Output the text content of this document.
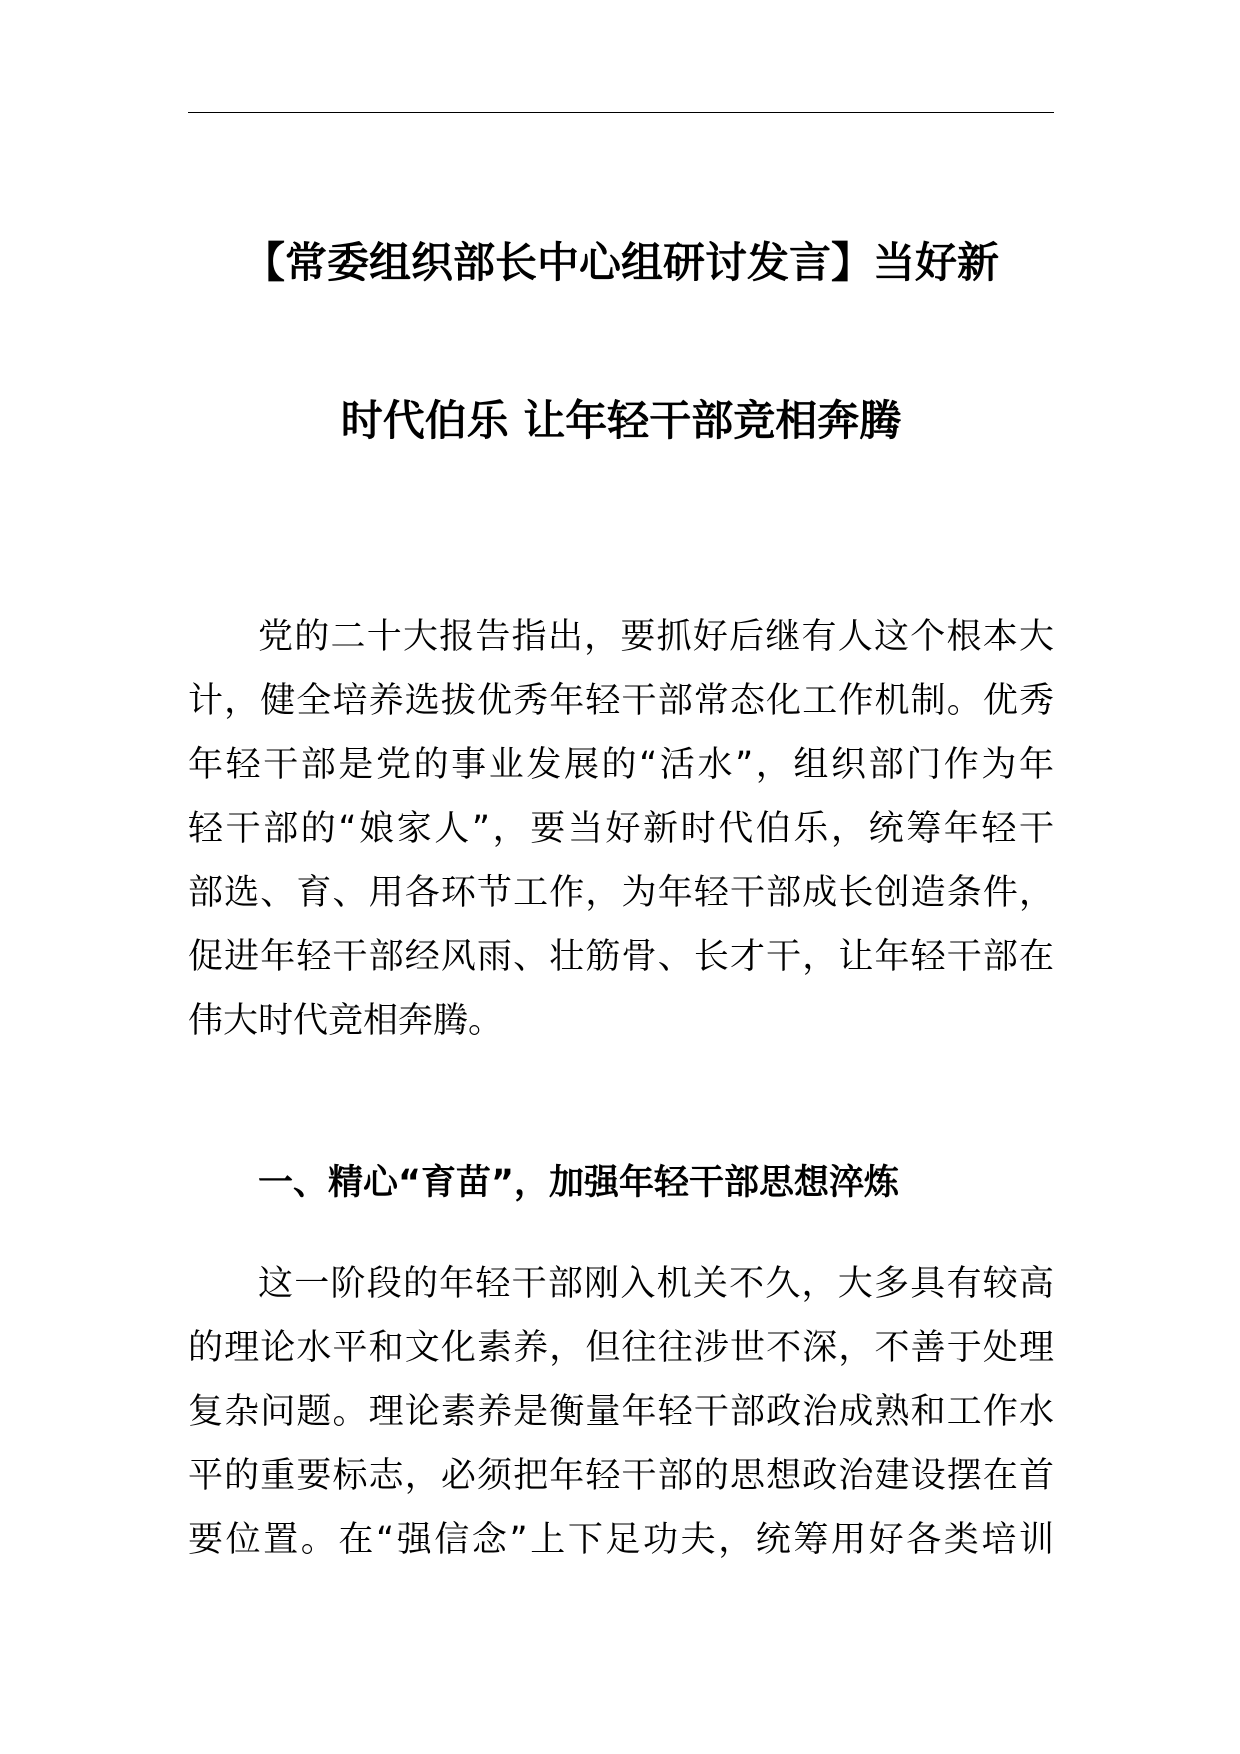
【常委组织部长中心组研讨发言】当好新
时代伯乐 让年轻干部竞相奔腾

党的二十大报告指出，要抓好后继有人这个根本大
计，健全培养选拔优秀年轻干部常态化工作机制。优秀
年轻干部是党的事业发展的“活水”，组织部门作为年
轻干部的“娘家人”，要当好新时代伯乐，统筹年轻干
部选、育、用各环节工作，为年轻干部成长创造条件，
促进年轻干部经风雨、壮筋骨、长才干，让年轻干部在
伟大时代竞相奔腾。

一、精心“育苗”，加强年轻干部思想淬炼

这一阶段的年轻干部刚入机关不久，大多具有较高
的理论水平和文化素养，但往往涉世不深，不善于处理
复杂问题。理论素养是衡量年轻干部政治成熟和工作水
平的重要标志，必须把年轻干部的思想政治建设摆在首
要位置。在“强信念”上下足功夫，统筹用好各类培训
